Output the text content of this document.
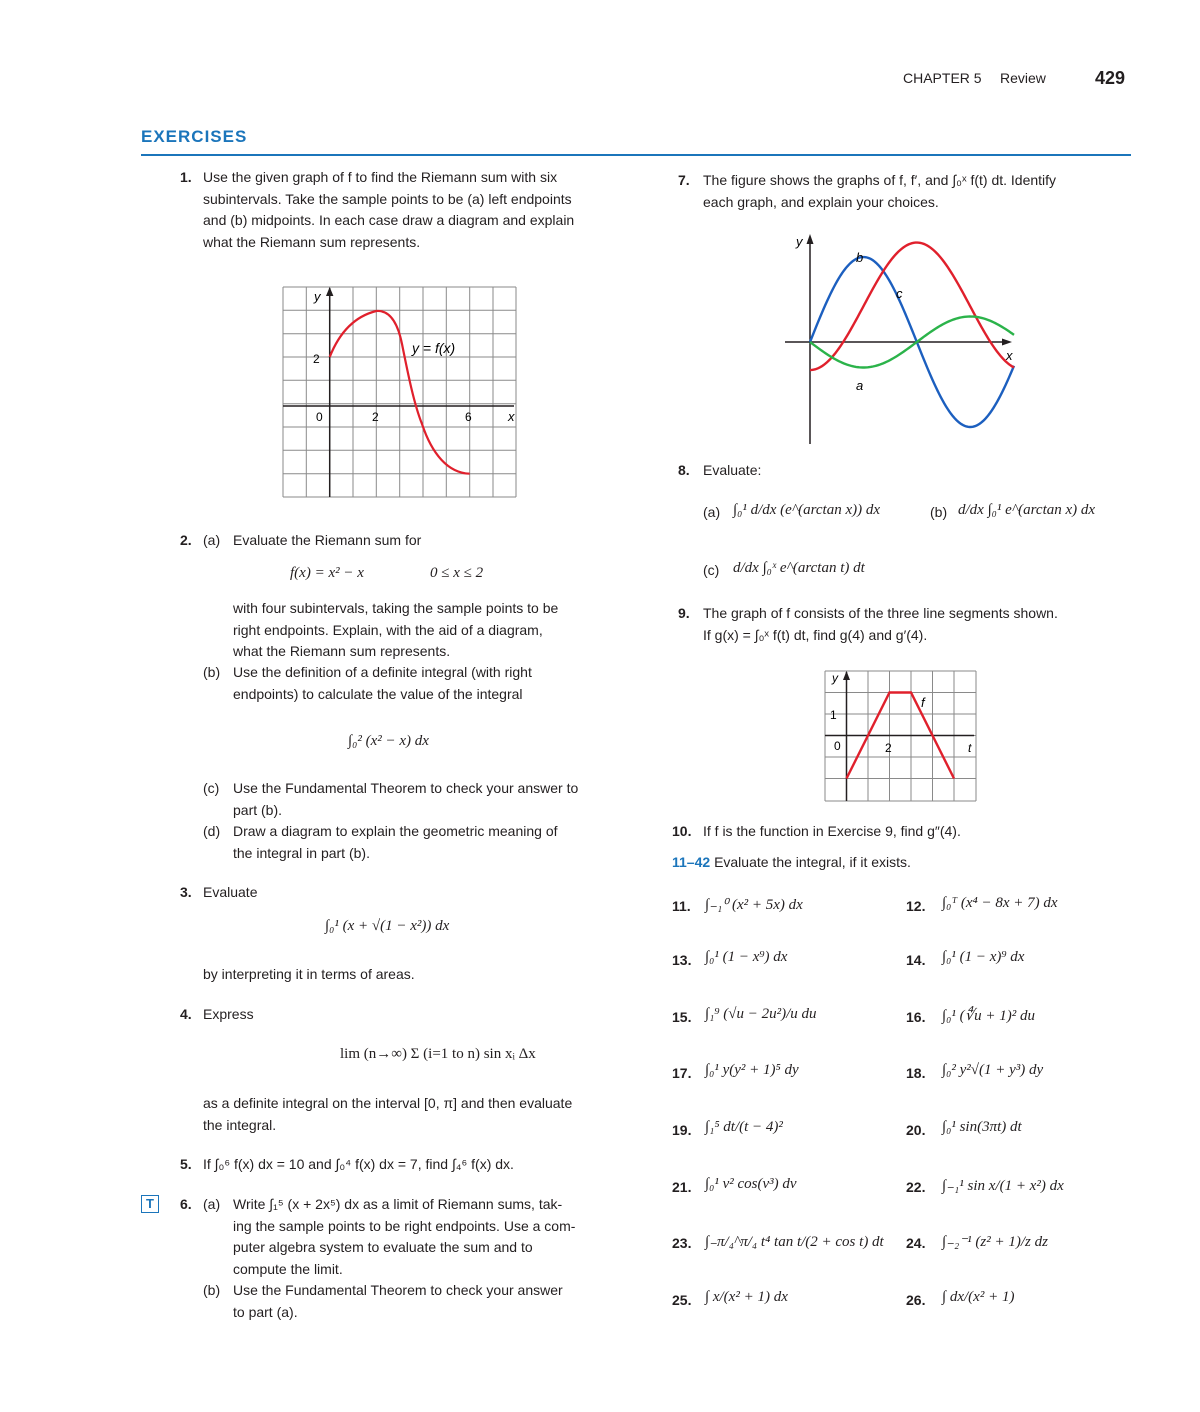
CHAPTER 5 Review	429
EXERCISES
1. Use the given graph of f to find the Riemann sum with six
subintervals. Take the sample points to be (a) left endpoints
and (b) midpoints. In each case draw a diagram and explain
what the Riemann sum represents.
y
x
y = f(x)
2
0	2	6
2. (a) Evaluate the Riemann sum for
f(x) = x² − x	0 ≤ x ≤ 2
with four subintervals, taking the sample points to be
right endpoints. Explain, with the aid of a diagram,
what the Riemann sum represents.
(b) Use the definition of a definite integral (with right
endpoints) to calculate the value of the integral
∫₀² (x² − x) dx
(c) Use the Fundamental Theorem to check your answer to
part (b).
(d) Draw a diagram to explain the geometric meaning of
the integral in part (b).
3. Evaluate
∫₀¹ (x + √(1 − x²)) dx
by interpreting it in terms of areas.
4. Express
lim (n→∞) Σ (i=1 to n) sin xᵢ Δx
as a definite integral on the interval [0, π] and then evaluate
the integral.
5. If ∫₀⁶ f(x) dx = 10 and ∫₀⁴ f(x) dx = 7, find ∫₄⁶ f(x) dx.
T	6. (a) Write ∫₁⁵ (x + 2x⁵) dx as a limit of Riemann sums, tak-
ing the sample points to be right endpoints. Use a com-
puter algebra system to evaluate the sum and to
compute the limit.
(b) Use the Fundamental Theorem to check your answer
to part (a).
7. The figure shows the graphs of f, f′, and ∫₀ˣ f(t) dt. Identify
each graph, and explain your choices.
y
x
b
c
a
8. Evaluate:
(a) ∫₀¹ d/dx (e^(arctan x)) dx	(b) d/dx ∫₀¹ e^(arctan x) dx
(c) d/dx ∫₀ˣ e^(arctan t) dt
9. The graph of f consists of the three line segments shown.
If g(x) = ∫₀ˣ f(t) dt, find g(4) and g′(4).
y
t
f
1
0	2
10. If f is the function in Exercise 9, find g″(4).
11–42 Evaluate the integral, if it exists.
11. ∫₋₁⁰ (x² + 5x) dx	12. ∫₀ᵀ (x⁴ − 8x + 7) dx
13. ∫₀¹ (1 − x⁹) dx	14. ∫₀¹ (1 − x)⁹ dx
15. ∫₁⁹ (√u − 2u²)/u du	16. ∫₀¹ (∜u + 1)² du
17. ∫₀¹ y(y² + 1)⁵ dy	18. ∫₀² y²√(1 + y³) dy
19. ∫₁⁵ dt/(t − 4)²	20. ∫₀¹ sin(3πt) dt
21. ∫₀¹ v² cos(v³) dv	22. ∫₋₁¹ sin x/(1 + x²) dx
23. ∫₋π/₄^π/₄ t⁴ tan t/(2 + cos t) dt 24. ∫₋₂⁻¹ (z² + 1)/z dz
25. ∫ x/(x² + 1) dx	26. ∫ dx/(x² + 1)
